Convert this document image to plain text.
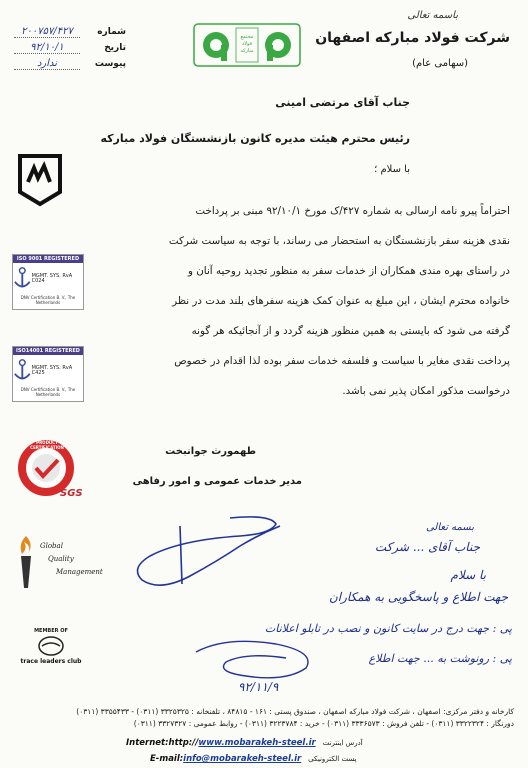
باسمه تعالی
شرکت فولاد مبارکه اصفهان
(سهامی عام)
مجتمع فولاد مبارکه
شماره
۲۰۰۷۵۷/۴۲۷
تاریخ
۹۲/۱۰/۱
پیوست
ندارد
ISO 9001 REGISTERED
MGMT. SYS. RvA C024
DNV Certification B. V., The Netherlands
ISO14001 REGISTERED
MGMT. SYS. RvA C425
DNV Certification B. V., The Netherlands
PRODUCT CERTIFICATION
SGS
Global
Quality
Management
MEMBER OF
trace leaders club
جناب آقای مرتضی امینی
رئیس محترم هیئت مدیره کانون بازنشستگان فولاد مبارکه
با سلام ؛
احتراماً پیرو نامه ارسالی به شماره ۴۲۷/ک مورخ ۹۲/۱۰/۱ مبنی بر پرداخت
نقدی هزینه سفر بازنشستگان به استحضار می رساند، با توجه به سیاست شرکت
در راستای بهره مندی همکاران از خدمات سفر به منظور تجدید روحیه آنان و
خانواده محترم ایشان ، این مبلغ به عنوان کمک هزینه سفرهای بلند مدت در نظر
گرفته می شود که بایستی به همین منظور هزینه گردد و از آنجائیکه هر گونه
پرداخت نقدی مغایر با سیاست و فلسفه خدمات سفر بوده لذا اقدام در خصوص
درخواست مذکور امکان پذیر نمی باشد.
طهمورث جوانبخت
مدیر خدمات عمومی و امور رفاهی
بسمه تعالی
جناب آقای ... شرکت
با سلام
جهت اطلاع و پاسخگویی به همکاران
پی : جهت درج در سایت کانون و نصب در تابلو اعلانات
پی : رونوشت به ... جهت اطلاع
۹۲/۱۱/۹
کارخانه و دفتر مرکزی: اصفهان ، شرکت فولاد مبارکه اصفهان ، صندوق پستی : ۱۶۱ - ۸۴۸۱۵ ، تلفنخانه : ۳۳۲۵۳۲۵ (۰۳۱۱) - ۳۳۵۵۴۳۳ (۰۳۱۱)
دورنگار : ۳۳۲۲۳۲۴ (۰۳۱۱) - تلفن فروش : ۳۳۳۶۵۷۳ (۰۳۱۱) - خرید : ۳۲۲۳۷۸۴ (۰۳۱۱) - روابط عمومی : ۳۳۲۷۳۲۷ (۰۳۱۱)
Internet:http://www.mobarakeh-steel.ir آدرس اینترنت
E-mail:info@mobarakeh-steel.ir پست الکترونیکی
